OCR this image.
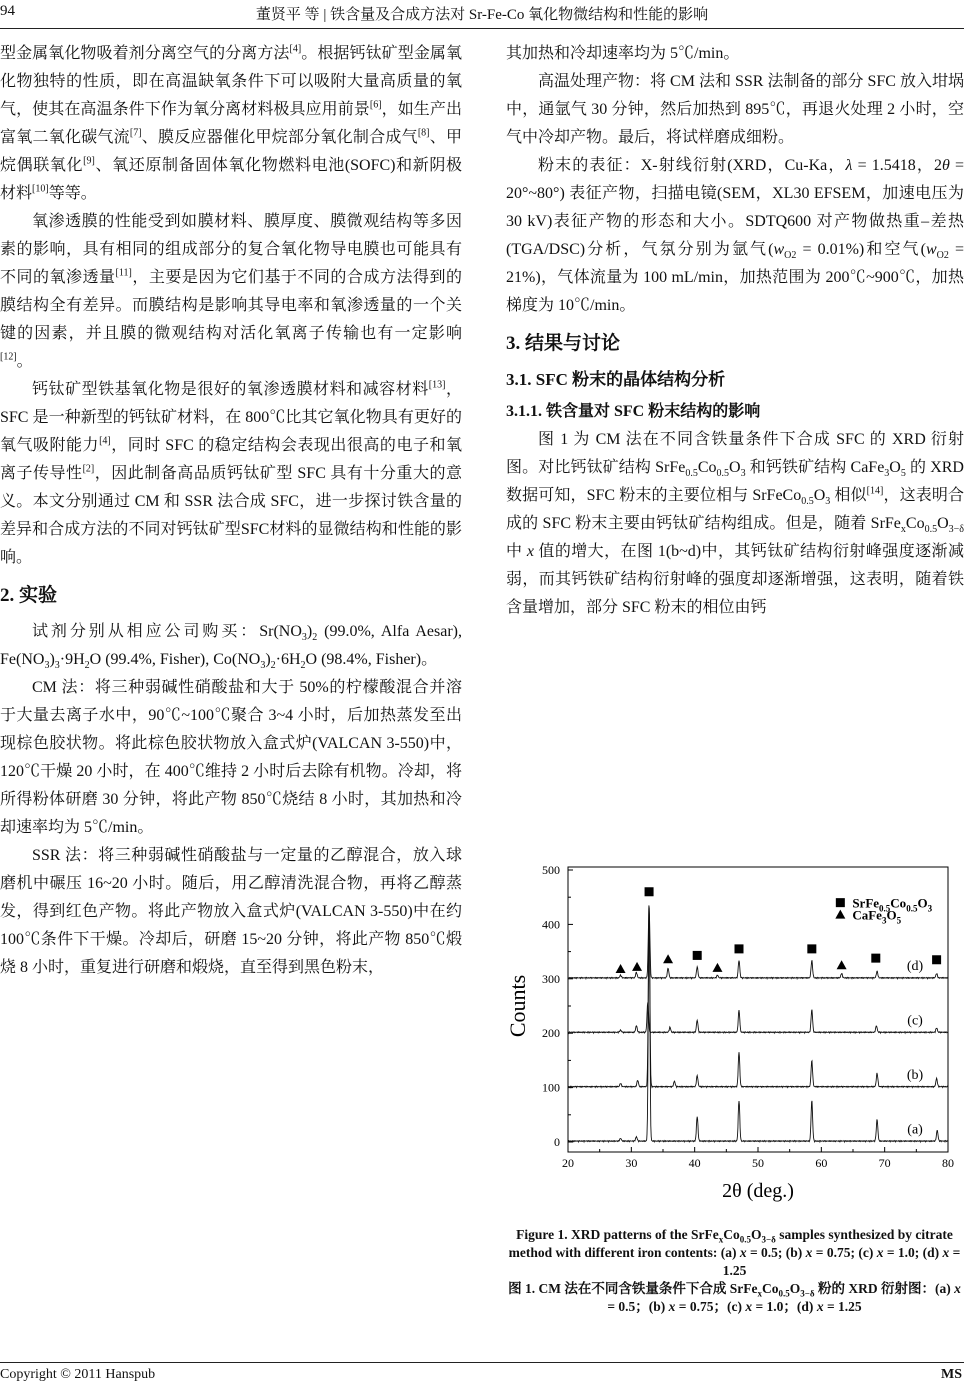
94	董贤平 等 | 铁含量及合成方法对 Sr-Fe-Co 氧化物微结构和性能的影响

型金属氧化物吸着剂分离空气的分离方法[4]。根据钙钛矿型金属氧化物独特的性质，即在高温缺氧条件下可以吸附大量高质量的氧气，使其在高温条件下作为氧分离材料极具应用前景[6]，如生产出富氧二氧化碳气流[7]、膜反应器催化甲烷部分氧化制合成气[8]、甲烷偶联氧化[9]、氧还原制备固体氧化物燃料电池(SOFC)和新阴极材料[10]等等。

氧渗透膜的性能受到如膜材料、膜厚度、膜微观结构等多因素的影响，具有相同的组成部分的复合氧化物导电膜也可能具有不同的氧渗透量[11]，主要是因为它们基于不同的合成方法得到的膜结构全有差异。而膜结构是影响其导电率和氧渗透量的一个关键的因素，并且膜的微观结构对活化氧离子传输也有一定影响[12]。

钙钛矿型铁基氧化物是很好的氧渗透膜材料和减容材料[13]，SFC 是一种新型的钙钛矿材料，在 800℃比其它氧化物具有更好的氧气吸附能力[4]，同时 SFC 的稳定结构会表现出很高的电子和氧离子传导性[2]，因此制备高品质钙钛矿型 SFC 具有十分重大的意义。本文分别通过 CM 和 SSR 法合成 SFC，进一步探讨铁含量的差异和合成方法的不同对钙钛矿型SFC材料的显微结构和性能的影响。

2. 实验

试剂分别从相应公司购买：$Sr(NO_3)_2$ (99.0%, Alfa Aesar), $Fe(NO_3)_3\cdot 9H_2O$ (99.4%, Fisher), $Co(NO_3)_2\cdot 6H_2O$ (98.4%, Fisher)。

CM 法：将三种弱碱性硝酸盐和大于 50%的柠檬酸混合并溶于大量去离子水中，90℃~100℃聚合 3~4 小时，后加热蒸发至出现棕色胶状物。将此棕色胶状物放入盒式炉(VALCAN 3-550)中，120℃干燥 20 小时，在 400℃维持 2 小时后去除有机物。冷却，将所得粉体研磨 30 分钟，将此产物 850℃烧结 8 小时，其加热和冷却速率均为 5℃/min。

SSR 法：将三种弱碱性硝酸盐与一定量的乙醇混合，放入球磨机中碾压 16~20 小时。随后，用乙醇清洗混合物，再将乙醇蒸发，得到红色产物。将此产物放入盒式炉(VALCAN 3-550)中在约 100℃条件下干燥。冷却后，研磨 15~20 分钟，将此产物 850℃煅烧 8 小时，重复进行研磨和煅烧，直至得到黑色粉末，

其加热和冷却速率均为 5℃/min。

高温处理产物：将 CM 法和 SSR 法制备的部分 SFC 放入坩埚中，通氩气 30 分钟，然后加热到 895℃，再退火处理 2 小时，空气中冷却产物。最后，将试样磨成细粉。

粉末的表征：X-射线衍射(XRD，Cu-Ka，λ = 1.5418，2θ = 20°~80°) 表征产物，扫描电镜(SEM，XL30 EFSEM，加速电压为 30 kV)表征产物的形态和大小。SDTQ600 对产物做热重–差热(TGA/DSC)分析，气氛分别为氩气$(w_{O2} = 0.01\%)$和空气$(w_{O2} = 21\%)$，气体流量为 100 mL/min，加热范围为 200℃~900℃，加热梯度为 10℃/min。

3. 结果与讨论
3.1. SFC 粉末的晶体结构分析
3.1.1. 铁含量对 SFC 粉末结构的影响

图 1 为 CM 法在不同含铁量条件下合成 SFC 的 XRD 衍射图。对比钙钛矿结构 $SrFe_{0.5}Co_{0.5}O_3$ 和钙铁矿结构 $CaFe_3O_5$ 的 XRD 数据可知，SFC 粉末的主要位相与 $SrFeCo_{0.5}O_3$ 相似[14]，这表明合成的 SFC 粉末主要由钙钛矿结构组成。但是，随着 $SrFe_xCo_{0.5}O_{3-\delta}$ 中 x 值的增大，在图 1(b~d)中，其钙钛矿结构衍射峰强度逐渐减弱，而其钙铁矿结构衍射峰的强度却逐渐增强，这表明，随着铁含量增加，部分 SFC 粉末的相位由钙

20	30	40	50	60	70	80
0
100
200
300
400
500
2θ (deg.)
Counts
(a)
(b)
(c)
(d)
$SrFe_{0.5}Co_{0.5}O_3$
$CaFe_3O_5$
Figure 1. XRD patterns of the $SrFe_xCo_{0.5}O_{3-\delta}$ samples synthesized by citrate method with different iron contents: (a) x = 0.5; (b) x = 0.75; (c) x = 1.0; (d) x = 1.25
图 1. CM 法在不同含铁量条件下合成 $SrFe_xCo_{0.5}O_{3-\delta}$ 粉的 XRD 衍射图：(a) x = 0.5；(b) x = 0.75；(c) x = 1.0；(d) x = 1.25
Copyright © 2011 Hanspub	MS
